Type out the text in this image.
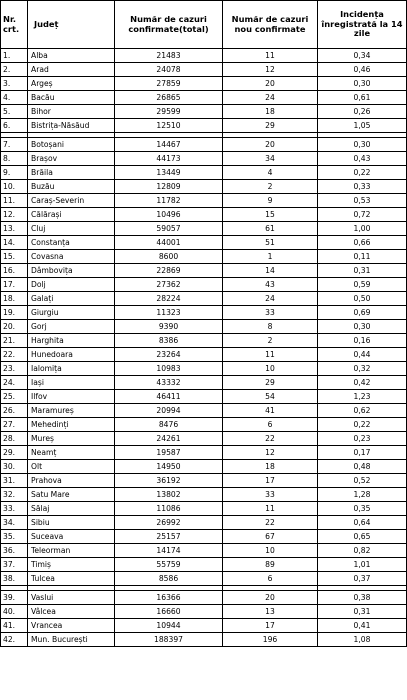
Nr. crt.	Județ	Număr de cazuri confirmate(total)	Număr de cazuri nou confirmate	Incidența înregistrată la 14 zile
1.	Alba	21483	11	0,34
2.	Arad	24078	12	0,46
3.	Argeș	27859	20	0,30
4.	Bacău	26865	24	0,61
5.	Bihor	29599	18	0,26
6.	Bistrița-Năsăud	12510	29	1,05

7.	Botoșani	14467	20	0,30
8.	Brașov	44173	34	0,43
9.	Brăila	13449	4	0,22
10.	Buzău	12809	2	0,33
11.	Caraș-Severin	11782	9	0,53
12.	Călărași	10496	15	0,72
13.	Cluj	59057	61	1,00
14.	Constanța	44001	51	0,66
15.	Covasna	8600	1	0,11
16.	Dâmbovița	22869	14	0,31
17.	Dolj	27362	43	0,59
18.	Galați	28224	24	0,50
19.	Giurgiu	11323	33	0,69
20.	Gorj	9390	8	0,30
21.	Harghita	8386	2	0,16
22.	Hunedoara	23264	11	0,44
23.	Ialomița	10983	10	0,32
24.	Iași	43332	29	0,42
25.	Ilfov	46411	54	1,23
26.	Maramureș	20994	41	0,62
27.	Mehedinți	8476	6	0,22
28.	Mureș	24261	22	0,23
29.	Neamț	19587	12	0,17
30.	Olt	14950	18	0,48
31.	Prahova	36192	17	0,52
32.	Satu Mare	13802	33	1,28
33.	Sălaj	11086	11	0,35
34.	Sibiu	26992	22	0,64
35.	Suceava	25157	67	0,65
36.	Teleorman	14174	10	0,82
37.	Timiș	55759	89	1,01
38.	Tulcea	8586	6	0,37

39.	Vaslui	16366	20	0,38
40.	Vâlcea	16660	13	0,31
41.	Vrancea	10944	17	0,41
42.	Mun. București	188397	196	1,08
